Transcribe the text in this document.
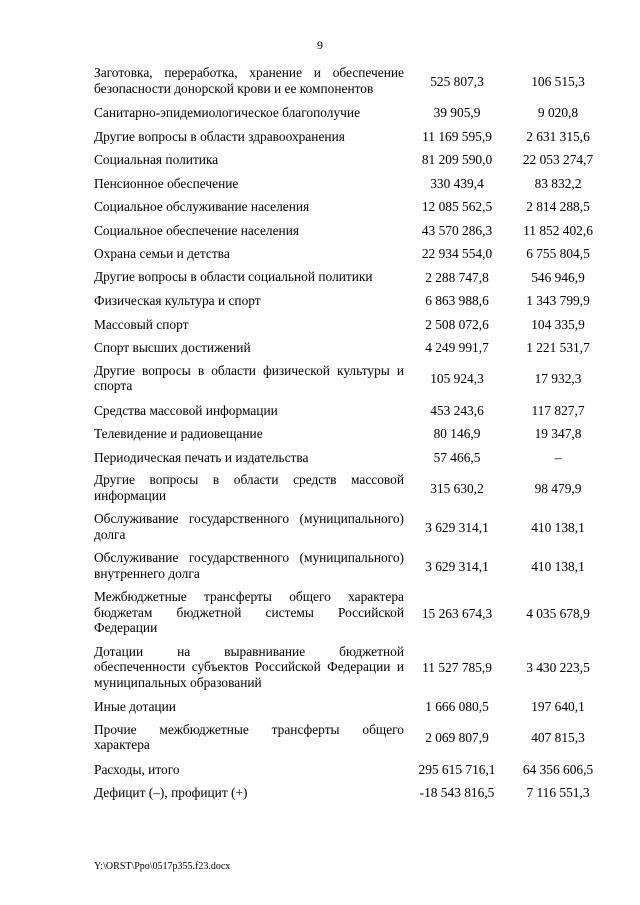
9
Заготовка, переработка, хранение и обеспечение безопасности донорской крови и ее компонентов	525 807,3	106 515,3
Санитарно-эпидемиологическое благополучие	39 905,9	9 020,8
Другие вопросы в области здравоохранения	11 169 595,9	2 631 315,6
Социальная политика	81 209 590,0	22 053 274,7
Пенсионное обеспечение	330 439,4	83 832,2
Социальное обслуживание населения	12 085 562,5	2 814 288,5
Социальное обеспечение населения	43 570 286,3	11 852 402,6
Охрана семьи и детства	22 934 554,0	6 755 804,5
Другие вопросы в области социальной политики	2 288 747,8	546 946,9
Физическая культура и спорт	6 863 988,6	1 343 799,9
Массовый спорт	2 508 072,6	104 335,9
Спорт высших достижений	4 249 991,7	1 221 531,7
Другие вопросы в области физической культуры и спорта	105 924,3	17 932,3
Средства массовой информации	453 243,6	117 827,7
Телевидение и радиовещание	80 146,9	19 347,8
Периодическая печать и издательства	57 466,5	–
Другие вопросы в области средств массовой информации	315 630,2	98 479,9
Обслуживание государственного (муниципального) долга	3 629 314,1	410 138,1
Обслуживание государственного (муниципального) внутреннего долга	3 629 314,1	410 138,1
Межбюджетные трансферты общего характера бюджетам бюджетной системы Российской Федерации	15 263 674,3	4 035 678,9
Дотации на выравнивание бюджетной обеспеченности субъектов Российской Федерации и муниципальных образований	11 527 785,9	3 430 223,5
Иные дотации	1 666 080,5	197 640,1
Прочие межбюджетные трансферты общего характера	2 069 807,9	407 815,3
Расходы, итого	295 615 716,1	64 356 606,5
Дефицит (–), профицит (+)	-18 543 816,5	7 116 551,3
Y:\ORST\Ppo\0517p355.f23.docx
